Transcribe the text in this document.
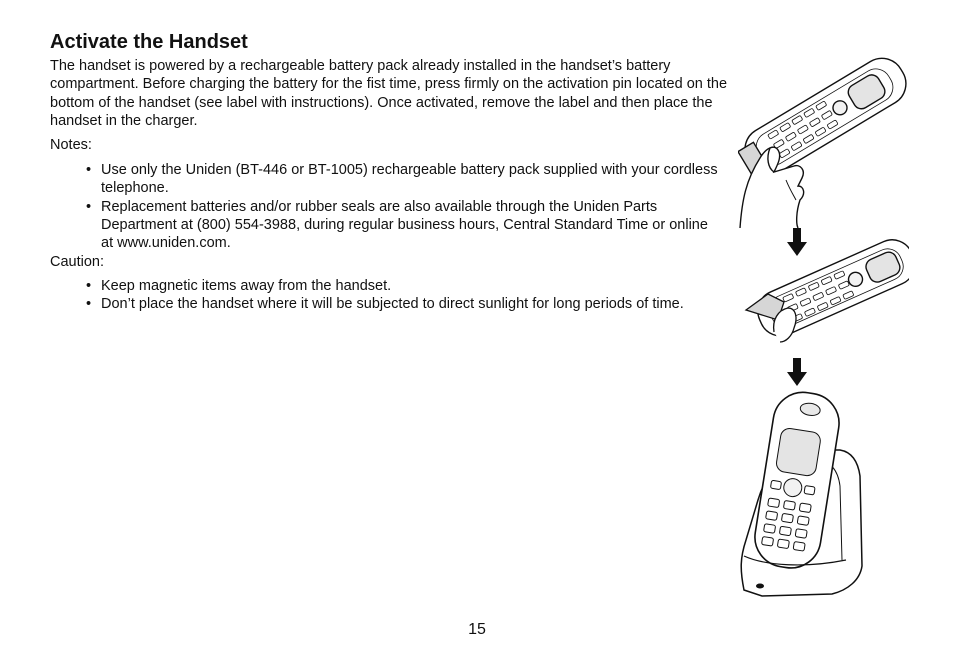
Activate the Handset

The handset is powered by a rechargeable battery pack already installed in the handset’s battery compartment. Before charging the battery for the fist time, press firmly on the activation pin located on the bottom of the handset (see label with instructions). Once activated, remove the label and then place the handset in the charger.

Notes:

• Use only the Uniden (BT-446 or BT-1005) rechargeable battery pack supplied with your cordless telephone.
• Replacement batteries and/or rubber seals are also available through the Uniden Parts Department at (800) 554-3988, during regular business hours, Central Standard Time or online at www.uniden.com.

Caution:

• Keep magnetic items away from the handset.
• Don’t place the handset where it will be subjected to direct sunlight for long periods of time.
15
